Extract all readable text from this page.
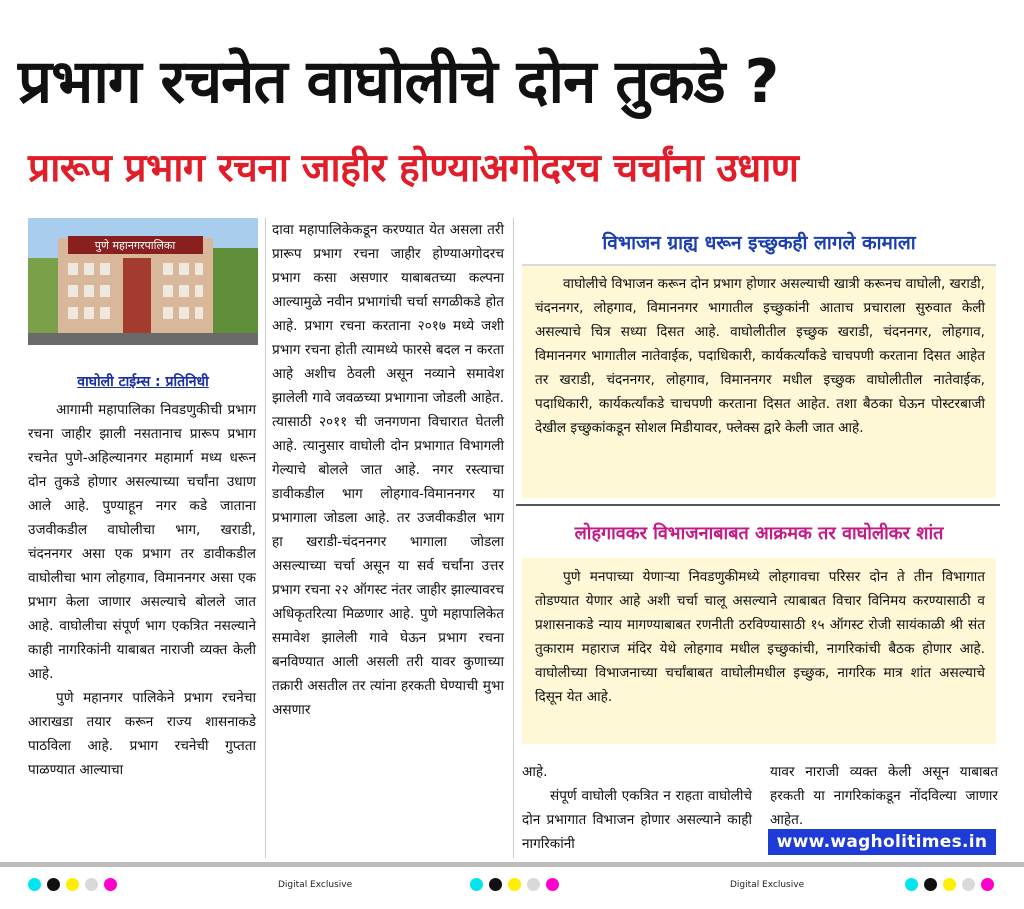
प्रभाग रचनेत वाघोलीचे दोन तुकडे ?
प्रारूप प्रभाग रचना जाहीर होण्याअगोदरच चर्चांना उधाण
पुणे महानगरपालिका
वाघोली टाईम्स : प्रतिनिधी

आगामी महापालिका निवडणुकीची प्रभाग रचना जाहीर झाली नसतानाच प्रारूप प्रभाग रचनेत पुणे-अहिल्यानगर महामार्ग मध्य धरून दोन तुकडे होणार असल्याच्या चर्चांना उधाण आले आहे. पुण्याहून नगर कडे जाताना उजवीकडील वाघोलीचा भाग, खराडी, चंदननगर असा एक प्रभाग तर डावीकडील वाघोलीचा भाग लोहगाव, विमाननगर असा एक प्रभाग केला जाणार असल्याचे बोलले जात आहे. वाघोलीचा संपूर्ण भाग एकत्रित नसल्याने काही नागरिकांनी याबाबत नाराजी व्यक्त केली आहे.

पुणे महानगर पालिकेने प्रभाग रचनेचा आराखडा तयार करून राज्य शासनाकडे पाठविला आहे. प्रभाग रचनेची गुप्तता पाळण्यात आल्याचा

दावा महापालिकेकडून करण्यात येत असला तरी प्रारूप प्रभाग रचना जाहीर होण्याअगोदरच प्रभाग कसा असणार याबाबतच्या कल्पना आल्यामुळे नवीन प्रभागांची चर्चा सगळीकडे होत आहे. प्रभाग रचना करताना २०१७ मध्ये जशी प्रभाग रचना होती त्यामध्ये फारसे बदल न करता आहे अशीच ठेवली असून नव्याने समावेश झालेली गावे जवळच्या प्रभागाना जोडली आहेत. त्यासाठी २०११ ची जनगणना विचारात घेतली आहे. त्यानुसार वाघोली दोन प्रभागात विभागली गेल्याचे बोलले जात आहे. नगर रस्त्याचा डावीकडील भाग लोहगाव-विमाननगर या प्रभागाला जोडला आहे. तर उजवीकडील भाग हा खराडी-चंदननगर भागाला जोडला असल्याच्या चर्चा असून या सर्व चर्चांना उत्तर प्रभाग रचना २२ ऑगस्ट नंतर जाहीर झाल्यावरच अधिकृतरित्या मिळणार आहे. पुणे महापालिकेत समावेश झालेली गावे घेऊन प्रभाग रचना बनविण्यात आली असली तरी यावर कुणाच्या तक्रारी असतील तर त्यांना हरकती घेण्याची मुभा असणार

विभाजन ग्राह्य धरून इच्छुकही लागले कामाला

वाघोलीचे विभाजन करून दोन प्रभाग होणार असल्याची खात्री करूनच वाघोली, खराडी, चंदननगर, लोहगाव, विमाननगर भागातील इच्छुकांनी आताच प्रचाराला सुरुवात केली असल्याचे चित्र सध्या दिसत आहे. वाघोलीतील इच्छुक खराडी, चंदननगर, लोहगाव, विमाननगर भागातील नातेवाईक, पदाधिकारी, कार्यकर्त्यांकडे चाचपणी करताना दिसत आहेत तर खराडी, चंदननगर, लोहगाव, विमाननगर मधील इच्छुक वाघोलीतील नातेवाईक, पदाधिकारी, कार्यकर्त्यांकडे चाचपणी करताना दिसत आहेत. तशा बैठका घेऊन पोस्टरबाजी देखील इच्छुकांकडून सोशल मिडीयावर, फ्लेक्स द्वारे केली जात आहे.

लोहगावकर विभाजनाबाबत आक्रमक तर वाघोलीकर शांत

पुणे मनपाच्या येणाऱ्या निवडणुकीमध्ये लोहगावचा परिसर दोन ते तीन विभागात तोडण्यात येणार आहे अशी चर्चा चालू असल्याने त्याबाबत विचार विनिमय करण्यासाठी व प्रशासनाकडे न्याय मागण्याबाबत रणनीती ठरविण्यासाठी १५ ऑगस्ट रोजी सायंकाळी श्री संत तुकाराम महाराज मंदिर येथे लोहगाव मधील इच्छुकांची, नागरिकांची बैठक होणार आहे. वाघोलीच्या विभाजनाच्या चर्चांबाबत वाघोलीमधील इच्छुक, नागरिक मात्र शांत असल्याचे दिसून येत आहे.

आहे.

संपूर्ण वाघोली एकत्रित न राहता वाघोलीचे दोन प्रभागात विभाजन होणार असल्याने काही नागरिकांनी

यावर नाराजी व्यक्त केली असून याबाबत हरकती या नागरिकांकडून नोंदविल्या जाणार आहेत.

www.wagholitimes.in
Digital Exclusive	Digital Exclusive
